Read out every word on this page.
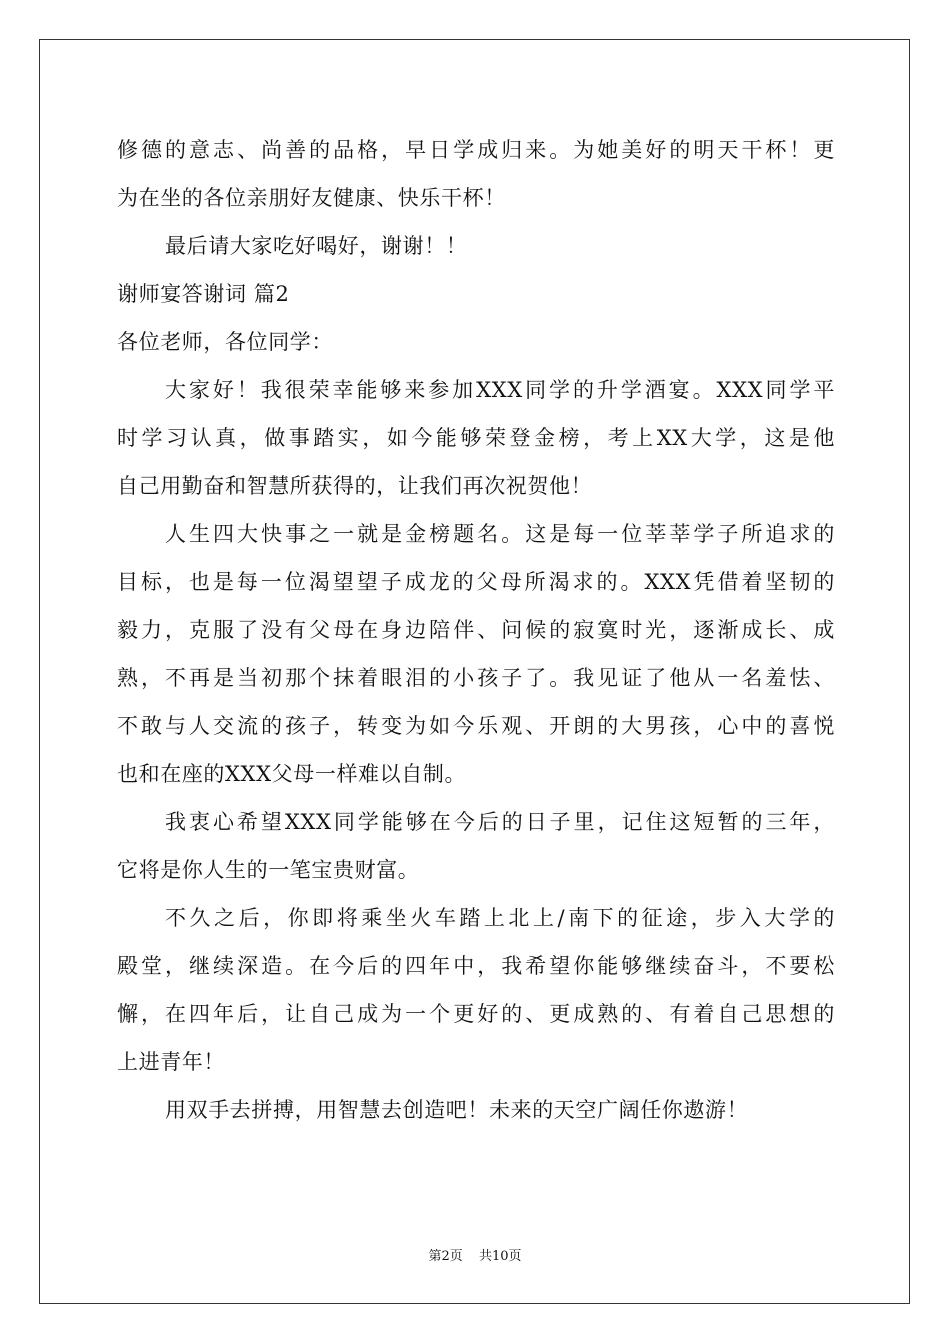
修德的意志、尚善的品格，早日学成归来。为她美好的明天干杯！更
为在坐的各位亲朋好友健康、快乐干杯！
最后请大家吃好喝好，谢谢！！
谢师宴答谢词 篇2
各位老师，各位同学：
大家好！我很荣幸能够来参加XXX同学的升学酒宴。XXX同学平
时学习认真，做事踏实，如今能够荣登金榜，考上XX大学，这是他
自己用勤奋和智慧所获得的，让我们再次祝贺他！
人生四大快事之一就是金榜题名。这是每一位莘莘学子所追求的
目标，也是每一位渴望望子成龙的父母所渴求的。XXX凭借着坚韧的
毅力，克服了没有父母在身边陪伴、问候的寂寞时光，逐渐成长、成
熟，不再是当初那个抹着眼泪的小孩子了。我见证了他从一名羞怯、
不敢与人交流的孩子，转变为如今乐观、开朗的大男孩，心中的喜悦
也和在座的XXX父母一样难以自制。
我衷心希望XXX同学能够在今后的日子里，记住这短暂的三年，
它将是你人生的一笔宝贵财富。
不久之后，你即将乘坐火车踏上北上/南下的征途，步入大学的
殿堂，继续深造。在今后的四年中，我希望你能够继续奋斗，不要松
懈，在四年后，让自己成为一个更好的、更成熟的、有着自己思想的
上进青年！
用双手去拼搏，用智慧去创造吧！未来的天空广阔任你遨游！
第2页 共10页
